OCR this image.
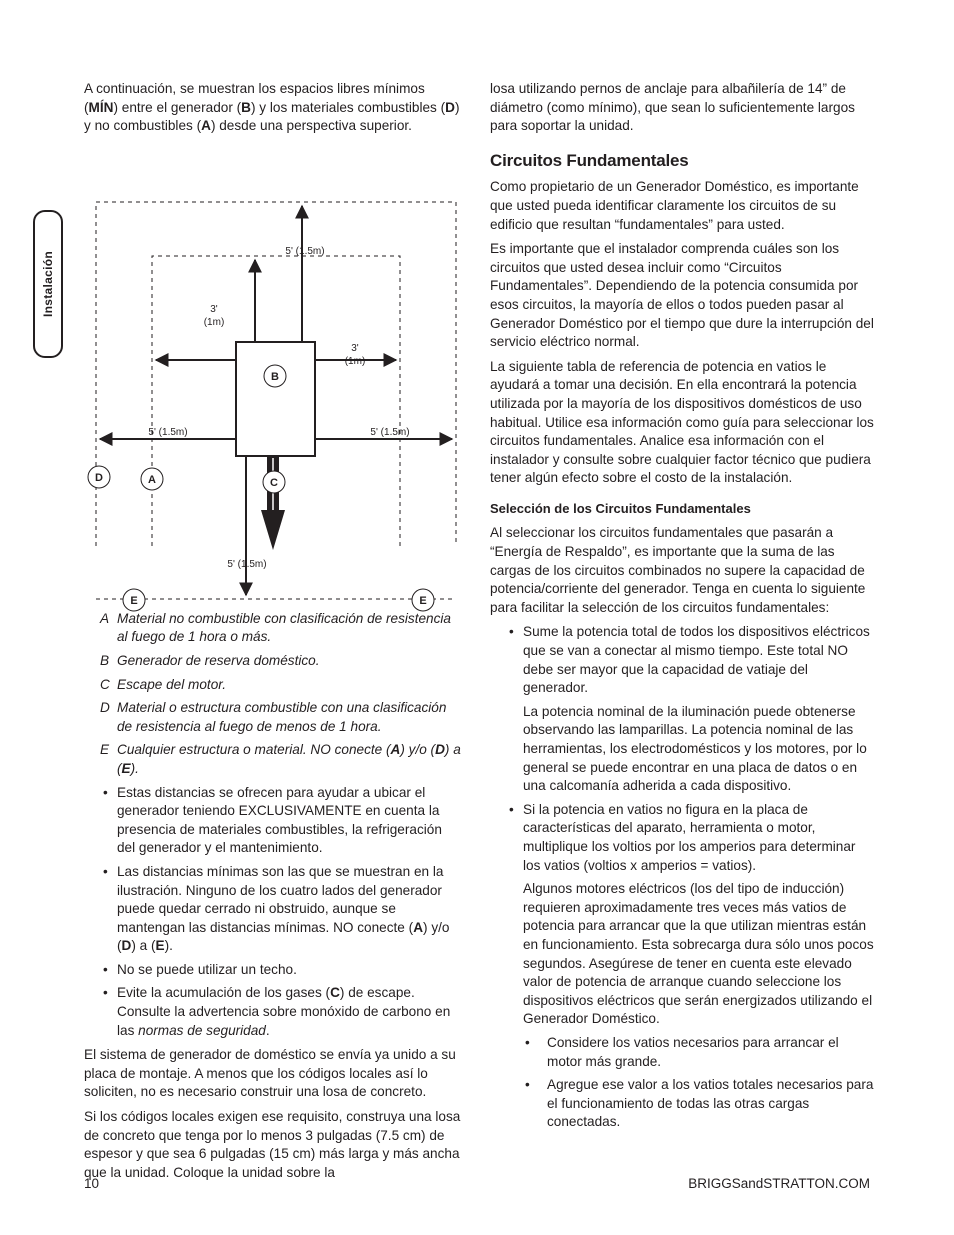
Instalación

A continuación, se muestran los espacios libres mínimos (MÍN) entre el generador (B) y los materiales combustibles (D) y no combustibles (A) desde una perspectiva superior.

5' (1.5m)
3'
(1m)
3'
(1m)
5' (1.5m)	5' (1.5m)
5' (1.5m)
B
C
D	A
E	E
A Material no combustible con clasificación de resistencia al fuego de 1 hora o más.
B Generador de reserva doméstico.
C Escape del motor.
D Material o estructura combustible con una clasificación de resistencia al fuego de menos de 1 hora.
E Cualquier estructura o material. NO conecte (A) y/o (D) a (E).
• Estas distancias se ofrecen para ayudar a ubicar el generador teniendo EXCLUSIVAMENTE en cuenta la presencia de materiales combustibles, la refrigeración del generador y el mantenimiento.
• Las distancias mínimas son las que se muestran en la ilustración. Ninguno de los cuatro lados del generador puede quedar cerrado ni obstruido, aunque se mantengan las distancias mínimas. NO conecte (A) y/o (D) a (E).
• No se puede utilizar un techo.
• Evite la acumulación de los gases (C) de escape. Consulte la advertencia sobre monóxido de carbono en las normas de seguridad.

El sistema de generador de doméstico se envía ya unido a su placa de montaje. A menos que los códigos locales así lo soliciten, no es necesario construir una losa de concreto.

Si los códigos locales exigen ese requisito, construya una losa de concreto que tenga por lo menos 3 pulgadas (7.5 cm) de espesor y que sea 6 pulgadas (15 cm) más larga y más ancha que la unidad. Coloque la unidad sobre la

losa utilizando pernos de anclaje para albañilería de 14” de diámetro (como mínimo), que sean lo suficientemente largos para soportar la unidad.

Circuitos Fundamentales

Como propietario de un Generador Doméstico, es importante que usted pueda identificar claramente los circuitos de su edificio que resultan “fundamentales” para usted.

Es importante que el instalador comprenda cuáles son los circuitos que usted desea incluir como “Circuitos Fundamentales”. Dependiendo de la potencia consumida por esos circuitos, la mayoría de ellos o todos pueden pasar al Generador Doméstico por el tiempo que dure la interrupción del servicio eléctrico normal.

La siguiente tabla de referencia de potencia en vatios le ayudará a tomar una decisión. En ella encontrará la potencia utilizada por la mayoría de los dispositivos domésticos de uso habitual. Utilice esa información como guía para seleccionar los circuitos fundamentales. Analice esa información con el instalador y consulte sobre cualquier factor técnico que pudiera tener algún efecto sobre el costo de la instalación.

Selección de los Circuitos Fundamentales

Al seleccionar los circuitos fundamentales que pasarán a “Energía de Respaldo”, es importante que la suma de las cargas de los circuitos combinados no supere la capacidad de potencia/corriente del generador. Tenga en cuenta lo siguiente para facilitar la selección de los circuitos fundamentales:

• Sume la potencia total de todos los dispositivos eléctricos que se van a conectar al mismo tiempo. Este total NO debe ser mayor que la capacidad de vatiaje del generador.

La potencia nominal de la iluminación puede obtenerse observando las lamparillas. La potencia nominal de las herramientas, los electrodomésticos y los motores, por lo general se puede encontrar en una placa de datos o en una calcomanía adherida a cada dispositivo.

• Si la potencia en vatios no figura en la placa de características del aparato, herramienta o motor, multiplique los voltios por los amperios para determinar los vatios (voltios x amperios = vatios).

Algunos motores eléctricos (los del tipo de inducción) requieren aproximadamente tres veces más vatios de potencia para arrancar que la que utilizan mientras están en funcionamiento. Esta sobrecarga dura sólo unos pocos segundos. Asegúrese de tener en cuenta este elevado valor de potencia de arranque cuando seleccione los dispositivos eléctricos que serán energizados utilizando el Generador Doméstico.

• Considere los vatios necesarios para arrancar el motor más grande.
• Agregue ese valor a los vatios totales necesarios para el funcionamiento de todas las otras cargas conectadas.
10	BRIGGSandSTRATTON.COM
